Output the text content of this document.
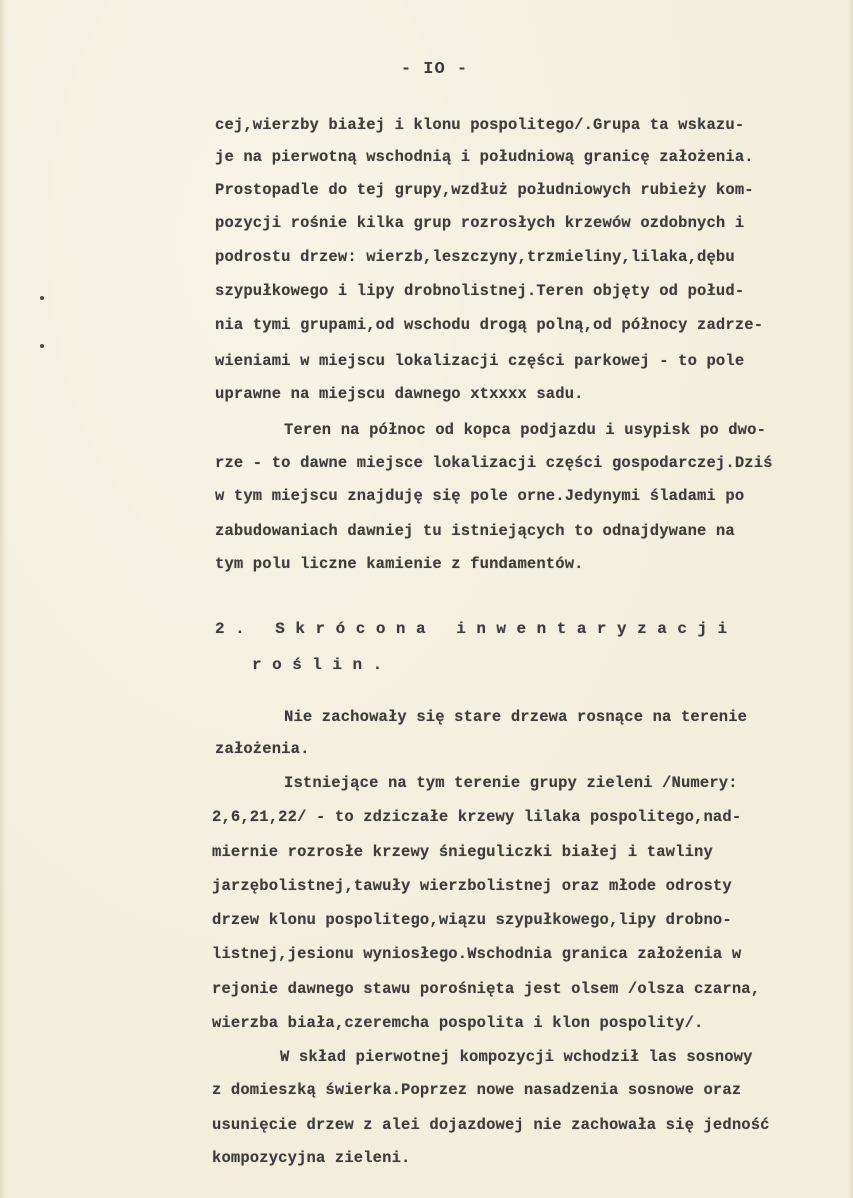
- IO -
cej,wierzby białej i klonu pospolitego/.Grupa ta wskazu-
je na pierwotną wschodnią i południową granicę założenia.
Prostopadle do tej grupy,wzdłuż południowych rubieży kom-
pozycji rośnie kilka grup rozrosłych krzewów ozdobnych i
podrostu drzew: wierzb,leszczyny,trzmieliny,lilaka,dębu
szypułkowego i lipy drobnolistnej.Teren objęty od połud-
nia tymi grupami,od wschodu drogą polną,od północy zadrze-
wieniami w miejscu lokalizacji części parkowej - to pole
uprawne na miejscu dawnego xtxxxx sadu.
Teren na północ od kopca podjazdu i usypisk po dwo-
rze - to dawne miejsce lokalizacji części gospodarczej.Dziś
w tym miejscu znajduję się pole orne.Jedynymi śladami po
zabudowaniach dawniej tu istniejących to odnajdywane na
tym polu liczne kamienie z fundamentów.
2. Skrócona inwentaryzacji
roślin.
Nie zachowały się stare drzewa rosnące na terenie
założenia.
Istniejące na tym terenie grupy zieleni /Numery:
2,6,21,22/ - to zdziczałe krzewy lilaka pospolitego,nad-
miernie rozrosłe krzewy śnieguliczki białej i tawliny
jarzębolistnej,tawuły wierzbolistnej oraz młode odrosty
drzew klonu pospolitego,wiązu szypułkowego,lipy drobno-
listnej,jesionu wyniosłego.Wschodnia granica założenia w
rejonie dawnego stawu porośnięta jest olsem /olsza czarna,
wierzba biała,czeremcha pospolita i klon pospolity/.
W skład pierwotnej kompozycji wchodził las sosnowy
z domieszką świerka.Poprzez nowe nasadzenia sosnowe oraz
usunięcie drzew z alei dojazdowej nie zachowała się jedność
kompozycyjna zieleni.
